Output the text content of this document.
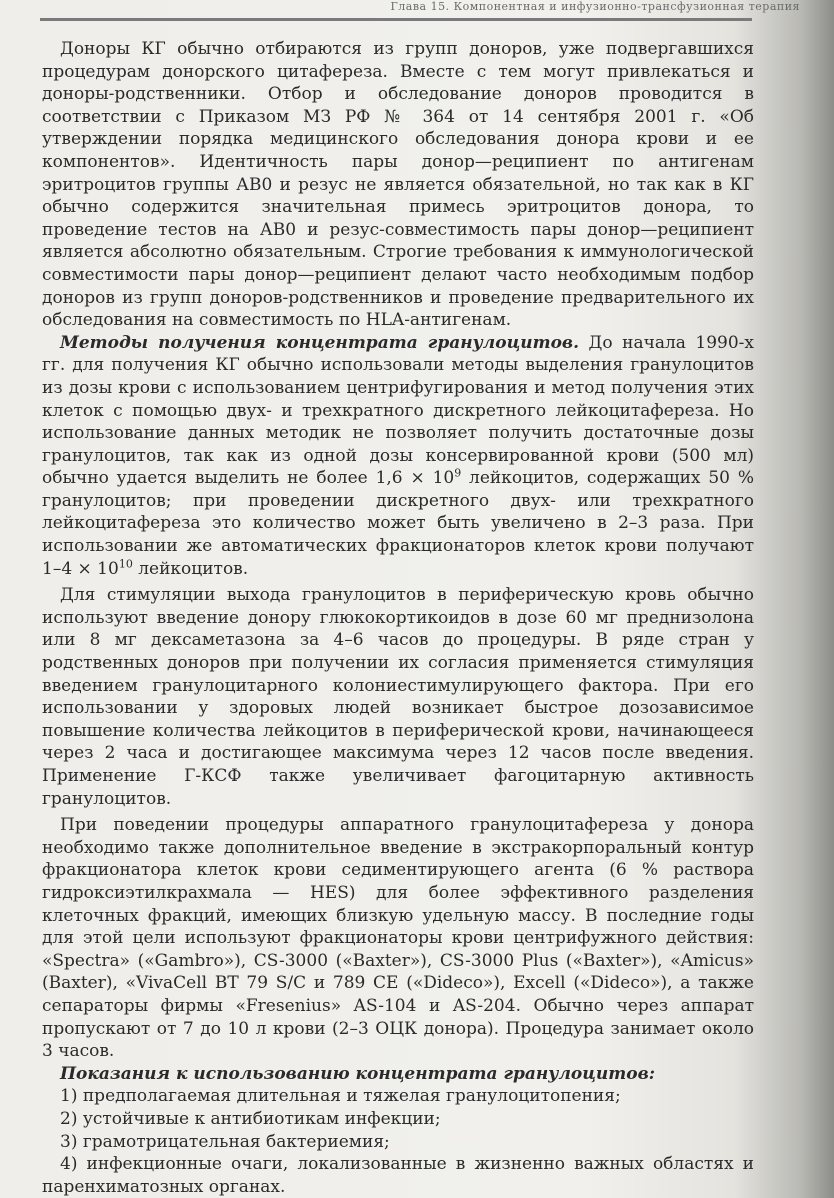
Глава 15. Компонентная и инфузионно-трансфузионная терапия

Доноры КГ обычно отбираются из групп доноров, уже подвергавшихся процедурам донорского цитафереза. Вместе с тем могут привлекаться и доноры-родственники. Отбор и обследование доноров проводится в соответствии с Приказом МЗ РФ № 364 от 14 сентября 2001 г. «Об утверждении порядка медицинского обследования донора крови и ее компонентов». Идентичность пары донор—реципиент по антигенам эритроцитов группы АВ0 и резус не является обязательной, но так как в КГ обычно содержится значительная примесь эритроцитов донора, то проведение тестов на АВ0 и резус-совместимость пары донор—реципиент является абсолютно обязательным. Строгие требования к иммунологической совместимости пары донор—реципиент делают часто необходимым подбор доноров из групп доноров-родственников и проведение предварительного их обследования на совместимость по HLA-антигенам.

Методы получения концентрата гранулоцитов. До начала 1990-х гг. для получения КГ обычно использовали методы выделения гранулоцитов из дозы крови с использованием центрифугирования и метод получения этих клеток с помощью двух- и трехкратного дискретного лейкоцитафереза. Но использование данных методик не позволяет получить достаточные дозы гранулоцитов, так как из одной дозы консервированной крови (500 мл) обычно удается выделить не более $1,6 \times 10^9$ лейкоцитов, содержащих 50 % гранулоцитов; при проведении дискретного двух- или трехкратного лейкоцитафереза это количество может быть увеличено в 2–3 раза. При использовании же автоматических фракционаторов клеток крови получают $1-4 \times 10^{10}$ лейкоцитов.

Для стимуляции выхода гранулоцитов в периферическую кровь обычно используют введение донору глюкокортикоидов в дозе 60 мг преднизолона или 8 мг дексаметазона за 4–6 часов до процедуры. В ряде стран у родственных доноров при получении их согласия применяется стимуляция введением гранулоцитарного колониестимулирующего фактора. При его использовании у здоровых людей возникает быстрое дозозависимое повышение количества лейкоцитов в периферической крови, начинающееся через 2 часа и достигающее максимума через 12 часов после введения. Применение Г-КСФ также увеличивает фагоцитарную активность гранулоцитов.

При поведении процедуры аппаратного гранулоцитафереза у донора необходимо также дополнительное введение в экстракорпоральный контур фракционатора клеток крови седиментирующего агента (6 % раствора гидроксиэтилкрахмала — HES) для более эффективного разделения клеточных фракций, имеющих близкую удельную массу. В последние годы для этой цели используют фракционаторы крови центрифужного действия: «Spectra» («Gambro»), CS-3000 («Baxter»), CS-3000 Plus («Baxter»), «Amicus» (Baxter), «VivaCell BT 79 S/C и 789 CE («Dideco»), Excell («Dideco»), а также сепараторы фирмы «Fresenius» AS-104 и AS-204. Обычно через аппарат пропускают от 7 до 10 л крови (2–3 ОЦК донора). Процедура занимает около 3 часов.

Показания к использованию концентрата гранулоцитов:

1) предполагаемая длительная и тяжелая гранулоцитопения;
2) устойчивые к антибиотикам инфекции;
3) грамотрицательная бактериемия;
4) инфекционные очаги, локализованные в жизненно важных областях и паренхиматозных органах.
